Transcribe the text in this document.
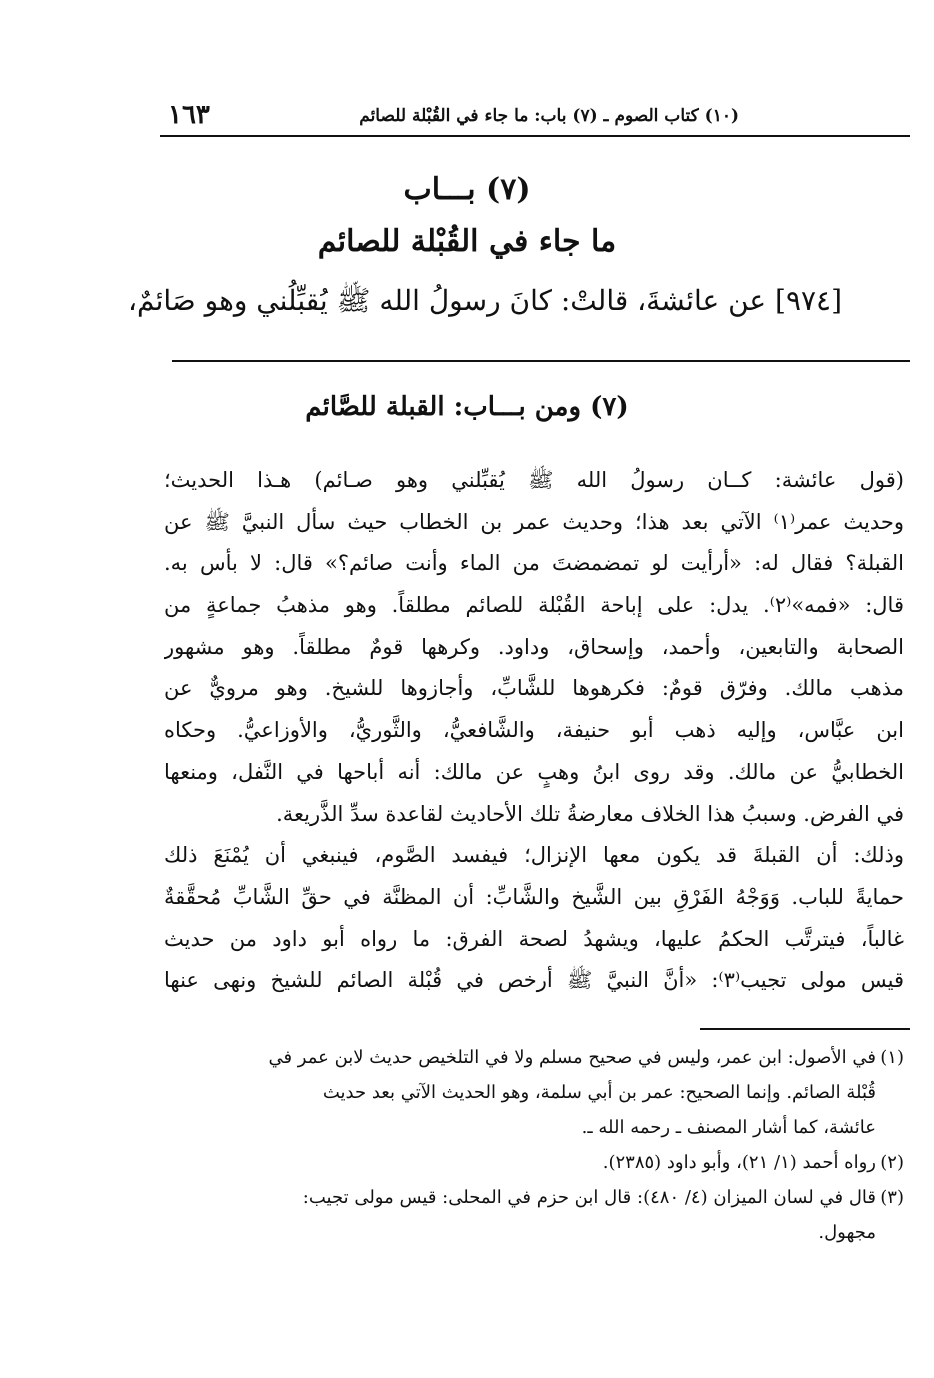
١٦٣	(١٠) كتاب الصوم ـ (٧) باب: ما جاء في القُبْلة للصائم
(٧) بـــاب
ما جاء في القُبْلة للصائم
[٩٧٤] عن عائشةَ، قالتْ: كانَ رسولُ الله ﷺ يُقبِّلُني وهو صَائمٌ،
(٧) ومن بـــاب: القبلة للصَّائم
(قول عائشة: كــان رسولُ الله ﷺ يُقبِّلني وهو صـائم) هـذا الحديث؛
وحديث عمر⁽١⁾ الآتي بعد هذا؛ وحديث عمر بن الخطاب حيث سأل النبيَّ ﷺ عن
القبلة؟ فقال له: «أرأيت لو تمضمضتَ من الماء وأنت صائم؟» قال: لا بأس به.
قال: «فمه»⁽٢⁾. يدل: على إباحة القُبْلة للصائم مطلقاً. وهو مذهبُ جماعةٍ من
الصحابة والتابعين، وأحمد، وإسحاق، وداود. وكرهها قومٌ مطلقاً. وهو مشهور
مذهب مالك. وفرّق قومٌ: فكرهوها للشَّابِّ، وأجازوها للشيخ. وهو مرويٌّ عن
ابن عبَّاس، وإليه ذهب أبو حنيفة، والشَّافعيُّ، والثَّوريُّ، والأوزاعيُّ. وحكاه
الخطابيُّ عن مالك. وقد روى ابنُ وهبٍ عن مالك: أنه أباحها في النَّفل، ومنعها
في الفرض. وسببُ هذا الخلاف معارضةُ تلك الأحاديث لقاعدة سدِّ الذَّريعة.
وذلك: أن القبلةَ قد يكون معها الإنزال؛ فيفسد الصَّوم، فينبغي أن يُمْنَعَ ذلك
حمايةً للباب. وَوَجْهُ الفَرْقِ بين الشَّيخ والشَّابِّ: أن المظنَّة في حقِّ الشَّابِّ مُحقَّقةٌ
غالباً، فيترتَّب الحكمُ عليها، ويشهدُ لصحة الفرق: ما رواه أبو داود من حديث
قيس مولى تجيب⁽٣⁾: «أنَّ النبيَّ ﷺ أرخص في قُبْلة الصائم للشيخ ونهى عنها
(١)في الأصول: ابن عمر، وليس في صحيح مسلم ولا في التلخيص حديث لابن عمر في
قُبْلة الصائم. وإنما الصحيح: عمر بن أبي سلمة، وهو الحديث الآتي بعد حديث
عائشة، كما أشار المصنف ـ رحمه الله ـ.
(٢)رواه أحمد (١/ ٢١)، وأبو داود (٢٣٨٥).
(٣)قال في لسان الميزان (٤/ ٤٨٠): قال ابن حزم في المحلى: قيس مولى تجيب:
مجهول.
